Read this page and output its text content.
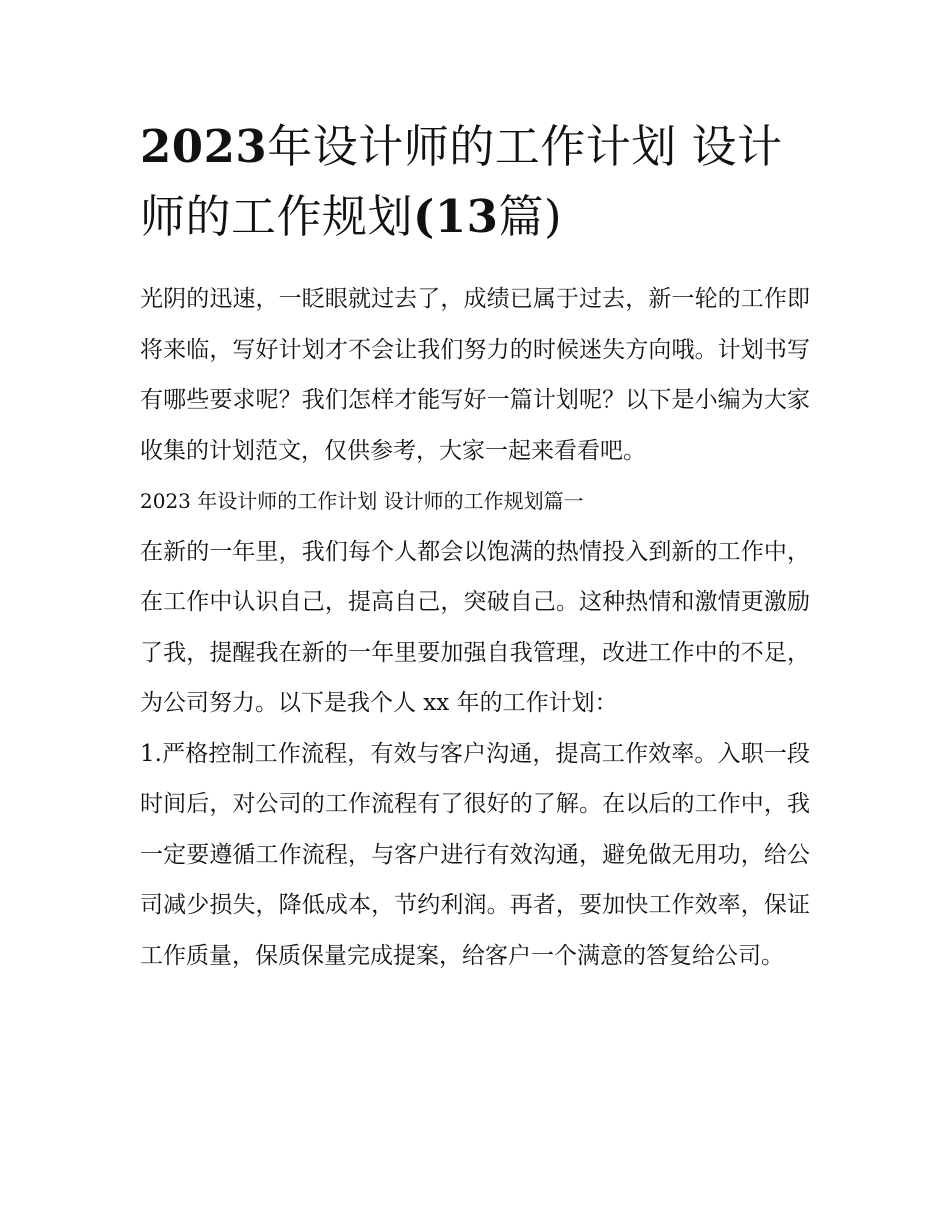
2023年设计师的工作计划 设计师的工作规划(13篇)

光阴的迅速，一眨眼就过去了，成绩已属于过去，新一轮的工作即将来临，写好计划才不会让我们努力的时候迷失方向哦。计划书写有哪些要求呢？我们怎样才能写好一篇计划呢？以下是小编为大家收集的计划范文，仅供参考，大家一起来看看吧。

2023 年设计师的工作计划 设计师的工作规划篇一

在新的一年里，我们每个人都会以饱满的热情投入到新的工作中，在工作中认识自己，提高自己，突破自己。这种热情和激情更激励了我，提醒我在新的一年里要加强自我管理，改进工作中的不足，为公司努力。以下是我个人 xx 年的工作计划：

1.严格控制工作流程，有效与客户沟通，提高工作效率。入职一段时间后，对公司的工作流程有了很好的了解。在以后的工作中，我一定要遵循工作流程，与客户进行有效沟通，避免做无用功，给公司减少损失，降低成本，节约利润。再者，要加快工作效率，保证工作质量，保质保量完成提案，给客户一个满意的答复给公司。
